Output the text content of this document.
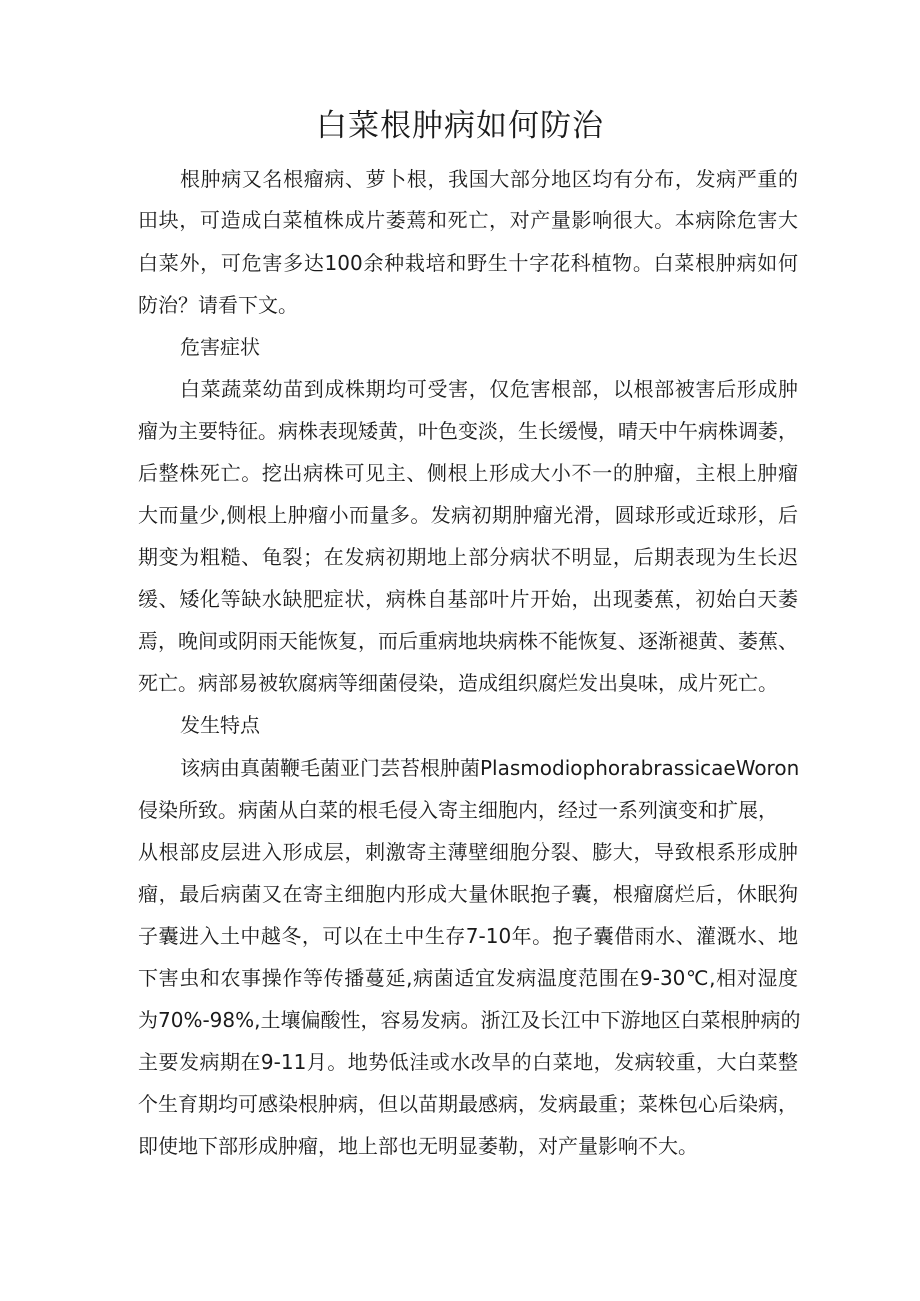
白菜根肿病如何防治

根肿病又名根瘤病、萝卜根，我国大部分地区均有分布，发病严重的

田块，可造成白菜植株成片萎蔫和死亡，对产量影响很大。本病除危害大

白菜外，可危害多达100余种栽培和野生十字花科植物。白菜根肿病如何

防治？请看下文。

危害症状

白菜蔬菜幼苗到成株期均可受害，仅危害根部，以根部被害后形成肿

瘤为主要特征。病株表现矮黄，叶色变淡，生长缓慢，晴天中午病株调萎，

后整株死亡。挖出病株可见主、侧根上形成大小不一的肿瘤，主根上肿瘤

大而量少,侧根上肿瘤小而量多。发病初期肿瘤光滑，圆球形或近球形，后

期变为粗糙、龟裂；在发病初期地上部分病状不明显，后期表现为生长迟

缓、矮化等缺水缺肥症状，病株自基部叶片开始，出现萎蕉，初始白天萎

焉，晚间或阴雨天能恢复，而后重病地块病株不能恢复、逐渐褪黄、萎蕉、

死亡。病部易被软腐病等细菌侵染，造成组织腐烂发出臭味，成片死亡。

发生特点

该病由真菌鞭毛菌亚门芸苔根肿菌PlasmodiophorabrassicaeWoron

侵染所致。病菌从白菜的根毛侵入寄主细胞内，经过一系列演变和扩展，

从根部皮层进入形成层，刺激寄主薄壁细胞分裂、膨大，导致根系形成肿

瘤，最后病菌又在寄主细胞内形成大量休眠抱子囊，根瘤腐烂后，休眠狗

子囊进入土中越冬，可以在土中生存7-10年。抱子囊借雨水、灌溉水、地

下害虫和农事操作等传播蔓延,病菌适宜发病温度范围在9-30℃,相对湿度

为70%-98%,土壤偏酸性，容易发病。浙江及长江中下游地区白菜根肿病的

主要发病期在9-11月。地势低洼或水改旱的白菜地，发病较重，大白菜整

个生育期均可感染根肿病，但以苗期最感病，发病最重；菜株包心后染病，

即使地下部形成肿瘤，地上部也无明显萎勒，对产量影响不大。
